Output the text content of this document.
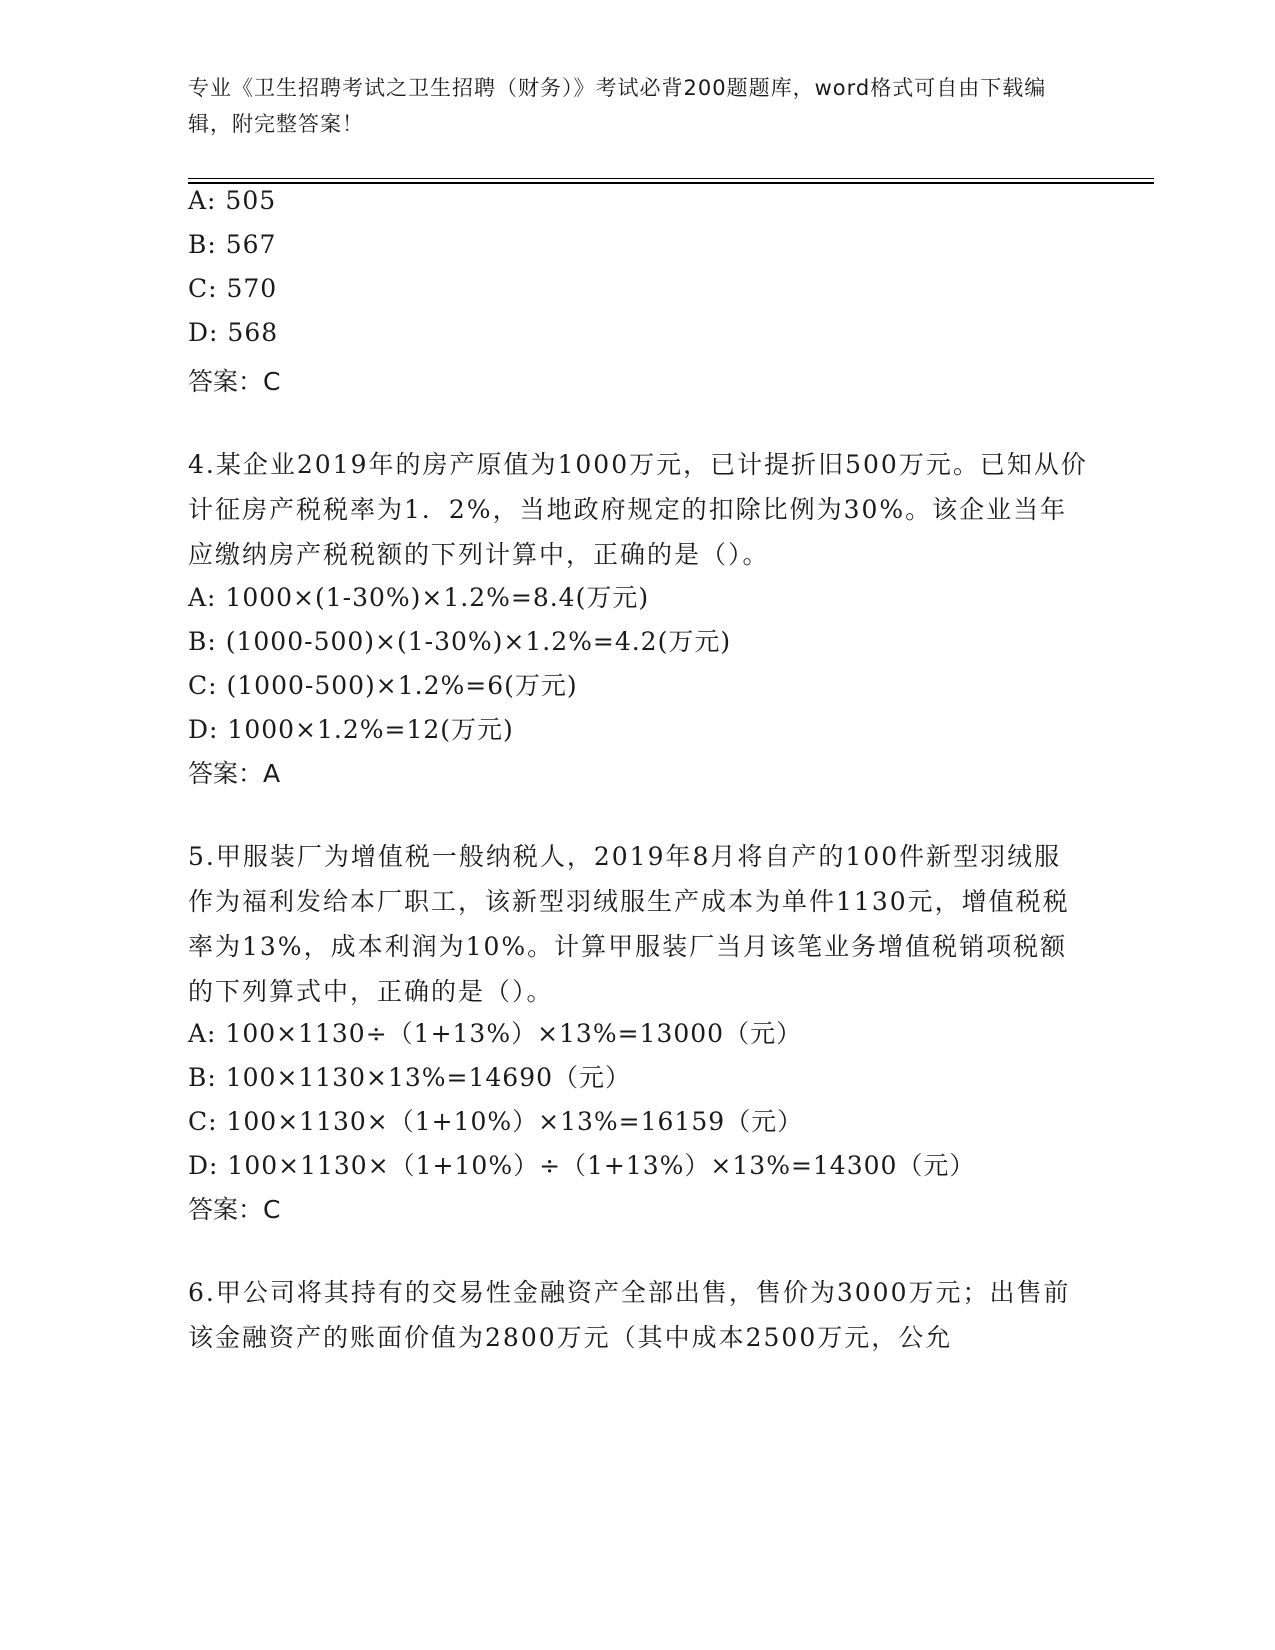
专业《卫生招聘考试之卫生招聘（财务）》考试必背200题题库，word格式可自由下载编辑，附完整答案！
A: 505
B: 567
C: 570
D: 568
答案：C
4.某企业2019年的房产原值为1000万元，已计提折旧500万元。已知从价计征房产税税率为1．2%，当地政府规定的扣除比例为30%。该企业当年应缴纳房产税税额的下列计算中，正确的是（）。
A: 1000×(1-30%)×1.2%=8.4(万元)
B: (1000-500)×(1-30%)×1.2%=4.2(万元)
C: (1000-500)×1.2%=6(万元)
D: 1000×1.2%=12(万元)
答案：A
5.甲服装厂为增值税一般纳税人，2019年8月将自产的100件新型羽绒服作为福利发给本厂职工，该新型羽绒服生产成本为单件1130元，增值税税率为13%，成本利润为10%。计算甲服装厂当月该笔业务增值税销项税额的下列算式中，正确的是（）。
A: 100×1130÷（1+13%）×13%=13000（元）
B: 100×1130×13%=14690（元）
C: 100×1130×（1+10%）×13%=16159（元）
D: 100×1130×（1+10%）÷（1+13%）×13%=14300（元）
答案：C
6.甲公司将其持有的交易性金融资产全部出售，售价为3000万元；出售前该金融资产的账面价值为2800万元（其中成本2500万元，公允
